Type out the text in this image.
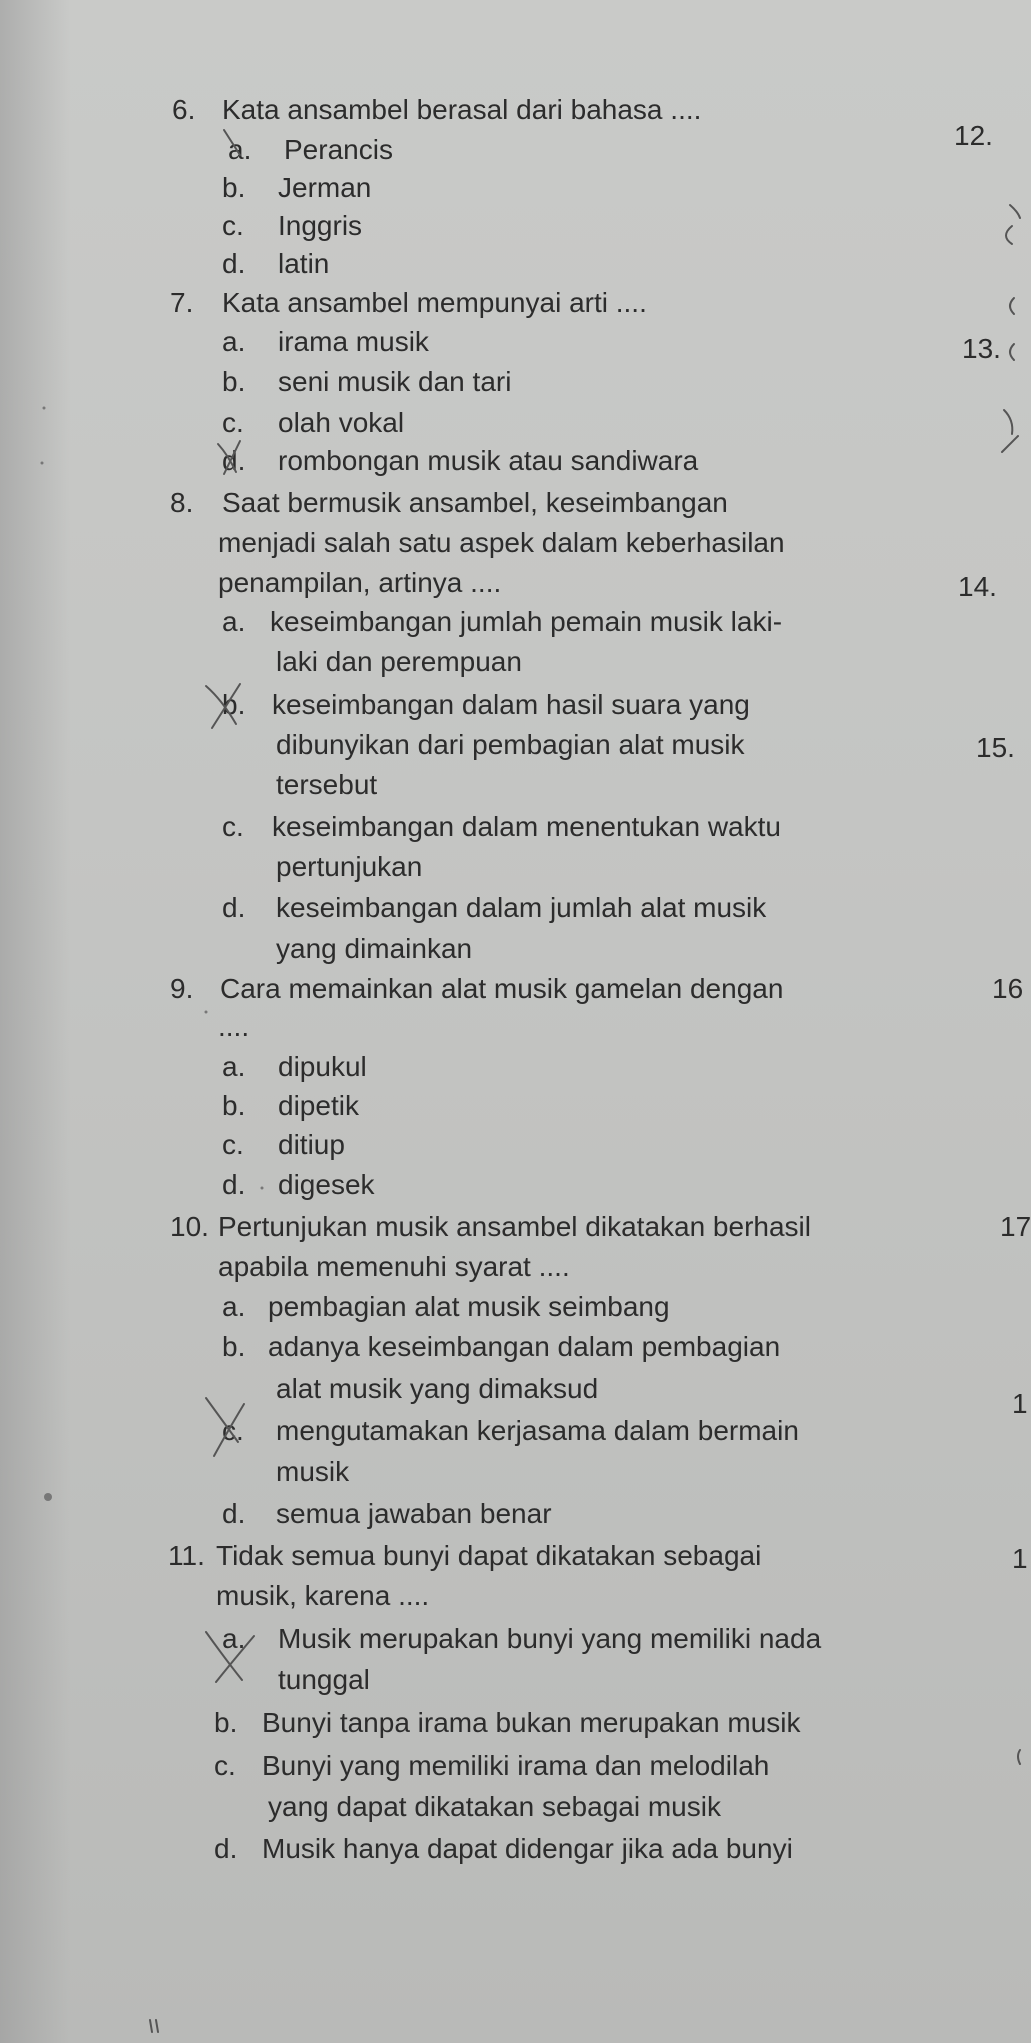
6. Kata ansambel berasal dari bahasa ....
a. Perancis
b. Jerman
c. Inggris
d. latin
7. Kata ansambel mempunyai arti ....
a. irama musik
b. seni musik dan tari
c. olah vokal
d. rombongan musik atau sandiwara
8.	Saat bermusik ansambel, keseimbangan
menjadi salah satu aspek dalam keberhasilan
penampilan, artinya ....
a. keseimbangan jumlah pemain musik laki-
laki dan perempuan
b. keseimbangan dalam hasil suara yang
dibunyikan dari pembagian alat musik
tersebut
c. keseimbangan dalam menentukan waktu
pertunjukan
d. keseimbangan dalam jumlah alat musik
yang dimainkan
9. Cara memainkan alat musik gamelan dengan
....
a. dipukul
b. dipetik
c. ditiup
d. digesek
10. Pertunjukan musik ansambel dikatakan berhasil
apabila memenuhi syarat ....
a. pembagian alat musik seimbang
b. adanya keseimbangan dalam pembagian
alat musik yang dimaksud
c. mengutamakan kerjasama dalam bermain
musik
d. semua jawaban benar
11. Tidak semua bunyi dapat dikatakan sebagai
musik, karena ....
a. Musik merupakan bunyi yang memiliki nada
tunggal
b. Bunyi tanpa irama bukan merupakan musik
c. Bunyi yang memiliki irama dan melodilah
yang dapat dikatakan sebagai musik
d. Musik hanya dapat didengar jika ada bunyi
12.
13.
14.
15.
16
17
1
1
